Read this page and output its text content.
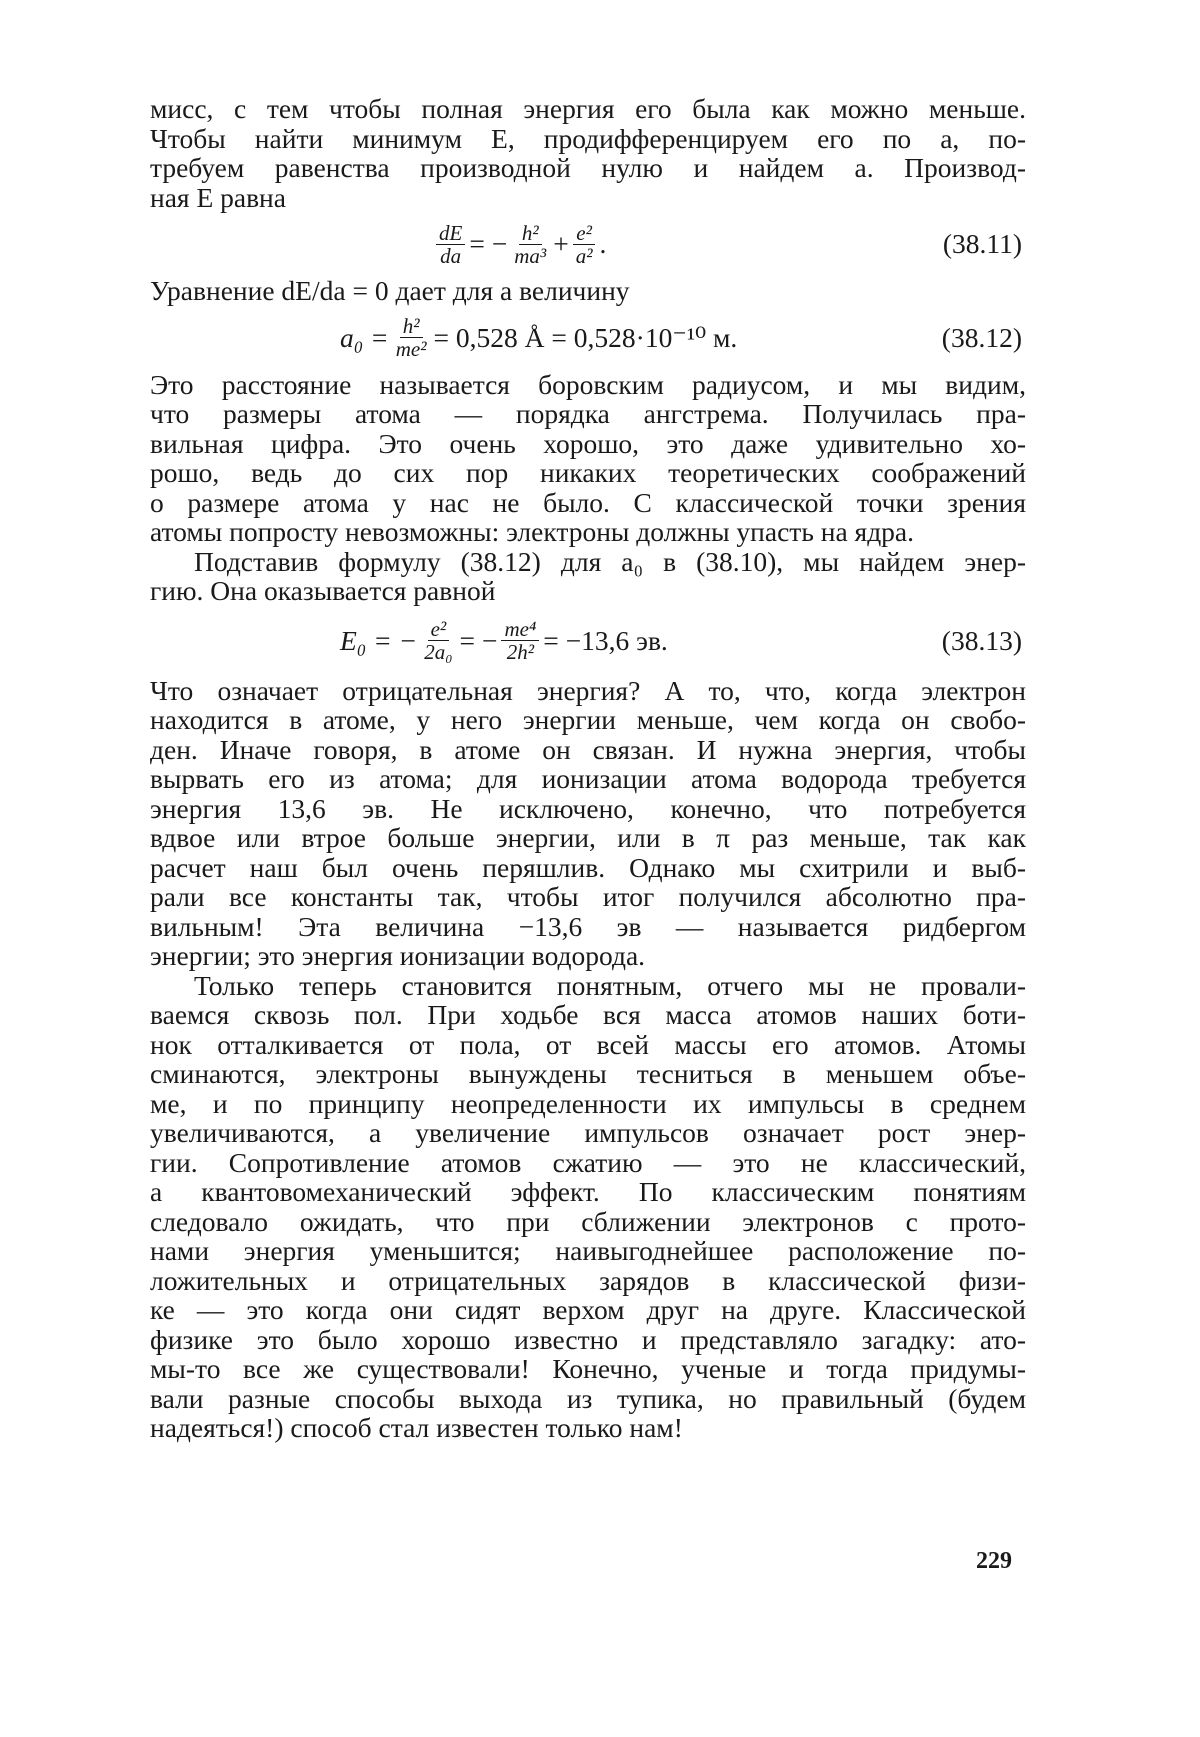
мисс, с тем чтобы полная энергия его была как можно меньше.
Чтобы найти минимум E, продифференцируем его по a, по-
требуем равенства производной нулю и найдем a. Производ-
ная E равна
$\frac{dE}{da}$ = − $\frac{\text{h²}}{\text{ma³}} + \frac{\text{e²}}{\text{a²}}$ .	(38.11)
Уравнение dE/da = 0 дает для a величину
$a_0 = \frac{\text{h²}}{\text{me²}} = 0,528$ Å = 0,528·10⁻¹⁰ м.	(38.12)
Это расстояние называется боровским радиусом, и мы видим,
что размеры атома — порядка ангстрема. Получилась пра-
вильная цифра. Это очень хорошо, это даже удивительно хо-
рошо, ведь до сих пор никаких теоретических соображений
о размере атома у нас не было. С классической точки зрения
атомы попросту невозможны: электроны должны упасть на ядра.
Подставив формулу (38.12) для a₀ в (38.10), мы найдем энер-
гию. Она оказывается равной
E₀ = − $\frac{\text{e²}}{\text{2a₀}}$ = − $\frac{\text{me⁴}}{\text{2h²}} = -13,6$ эв.	(38.13)
Что означает отрицательная энергия? А то, что, когда электрон
находится в атоме, у него энергии меньше, чем когда он свобо-
ден. Иначе говоря, в атоме он связан. И нужна энергия, чтобы
вырвать его из атома; для ионизации атома водорода требуется
энергия 13,6 эв. Не исключено, конечно, что потребуется
вдвое или втрое больше энергии, или в π раз меньше, так как
расчет наш был очень перяшлив. Однако мы схитрили и выб-
рали все константы так, чтобы итог получился абсолютно пра-
вильным! Эта величина −13,6 эв — называется ридбергом
энергии; это энергия ионизации водорода.
Только теперь становится понятным, отчего мы не провали-
ваемся сквозь пол. При ходьбе вся масса атомов наших боти-
нок отталкивается от пола, от всей массы его атомов. Атомы
сминаются, электроны вынуждены тесниться в меньшем объе-
ме, и по принципу неопределенности их импульсы в среднем
увеличиваются, а увеличение импульсов означает рост энер-
гии. Сопротивление атомов сжатию — это не классический,
а квантовомеханический эффект. По классическим понятиям
следовало ожидать, что при сближении электронов с прото-
нами энергия уменьшится; наивыгоднейшее расположение по-
ложительных и отрицательных зарядов в классической физи-
ке — это когда они сидят верхом друг на друге. Классической
физике это было хорошо известно и представляло загадку: ато-
мы-то все же существовали! Конечно, ученые и тогда придумы-
вали разные способы выхода из тупика, но правильный (будем
надеяться!) способ стал известен только нам!
229
